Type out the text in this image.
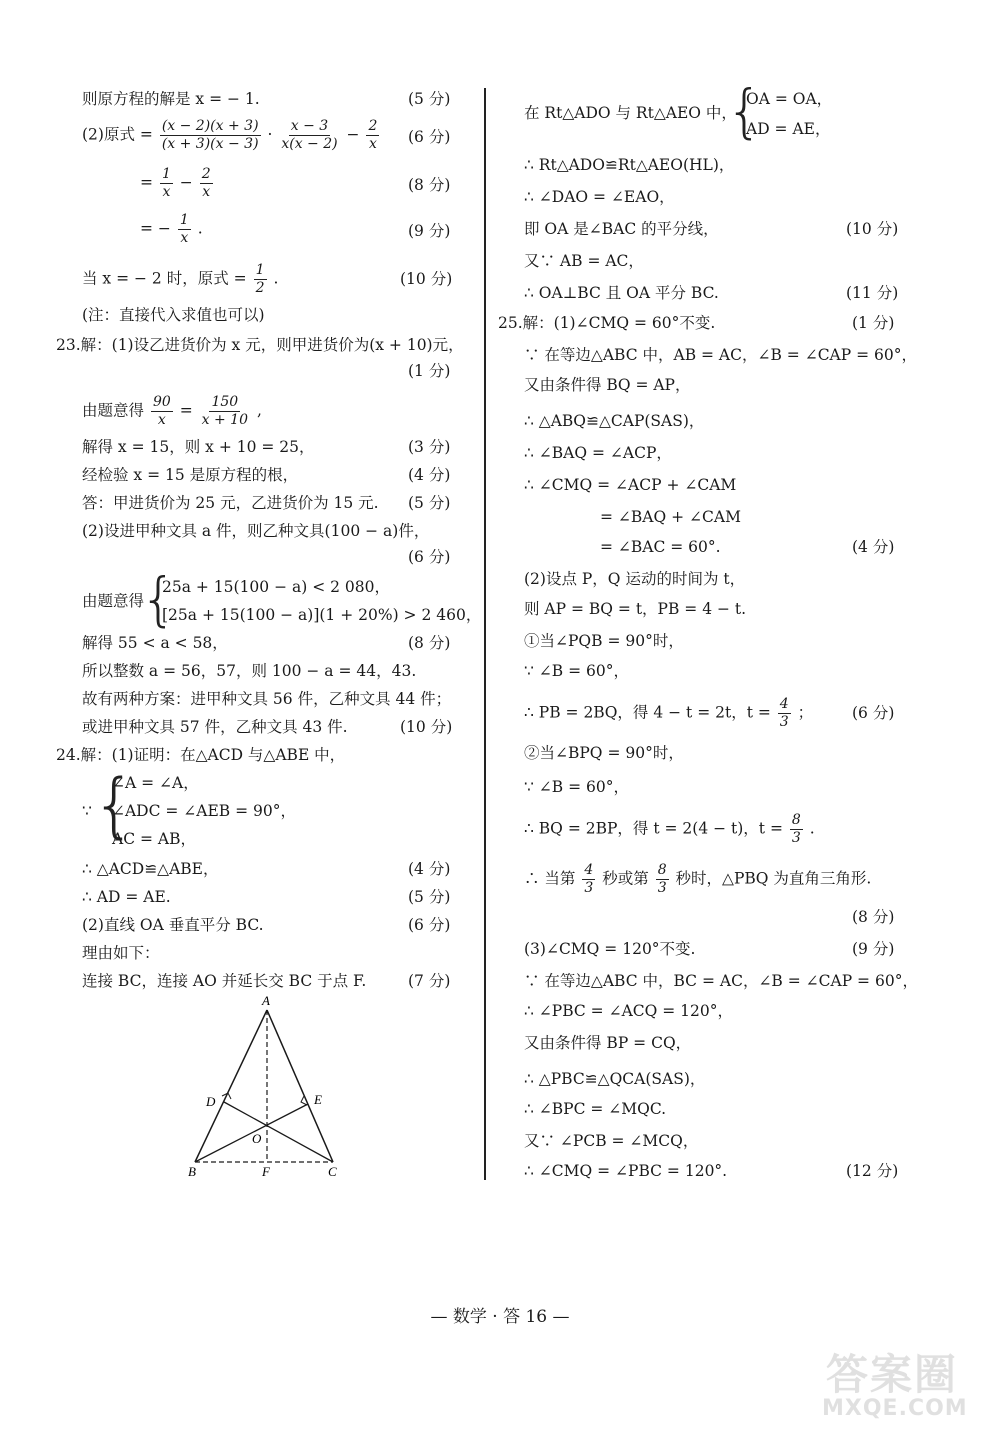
则原方程的解是 x = − 1.	(5 分)
(2)原式 = $\frac{(x - 2)(x + 3)}{(x + 3)(x - 3)} \cdot \frac{x - 3}{x(x - 2)} - \frac{2}{x} (6$ 分)
= $\frac{1}{x} - \frac{2}{x}$	(8 分)
= − $\frac{1}{x}$ .	(9 分)
当 x = − 2 时，原式 = $\frac{1}{2}$ .	(10 分)
(注：直接代入求值也可以)
23.解：(1)设乙进货价为 x 元，则甲进货价为(x + 10)元，
(1 分)
由题意得 $\frac{90}{x} = \frac{150}{x + 10}$ ,
解得 x = 15，则 x + 10 = 25，	(3 分)
经检验 x = 15 是原方程的根，	(4 分)
答：甲进货价为 25 元，乙进货价为 15 元. (5 分)
(2)设进甲种文具 a 件，则乙种文具(100 − a)件，
(6 分)
由题意得
{
25a + 15(100 − a) < 2 080，
[25a + 15(100 − a)](1 + 20%) > 2 460，
解得 55 < a < 58，	(8 分)
所以整数 a = 56，57，则 100 − a = 44，43.
故有两种方案：进甲种文具 56 件，乙种文具 44 件；
或进甲种文具 57 件，乙种文具 43 件.	(10 分)
24.解：(1)证明：在△ACD 与△ABE 中，
∵ {
∠A = ∠A，
∠ADC = ∠AEB = 90°，
AC = AB，
∴ △ACD≌△ABE，	(4 分)
∴ AD = AE.	(5 分)
(2)直线 OA 垂直平分 BC.	(6 分)
理由如下：
连接 BC，连接 AO 并延长交 BC 于点 F.	(7 分)
A
B	C
D	E
F
O
在 Rt△ADO 与 Rt△AEO 中，
{
OA = OA，
AD = AE，
∴ Rt△ADO≌Rt△AEO(HL)，
∴ ∠DAO = ∠EAO，
即 OA 是∠BAC 的平分线，	(10 分)
又∵ AB = AC，
∴ OA⊥BC 且 OA 平分 BC.	(11 分)
25.解：(1)∠CMQ = 60°不变.	(1 分)
∵ 在等边△ABC 中，AB = AC，∠B = ∠CAP = 60°，
又由条件得 BQ = AP，
∴ △ABQ≌△CAP(SAS)，
∴ ∠BAQ = ∠ACP，
∴ ∠CMQ = ∠ACP + ∠CAM
= ∠BAQ + ∠CAM
= ∠BAC = 60°.	(4 分)
(2)设点 P，Q 运动的时间为 t，
则 AP = BQ = t，PB = 4 − t.
①当∠PQB = 90°时，
∵ ∠B = 60°，
∴ PB = 2BQ，得 4 − t = 2t，$t = \frac{4}{3}$ ；	(6 分)
②当∠BPQ = 90°时，
∵ ∠B = 60°，
∴ BQ = 2BP，得 t = 2(4 − t)，$t = \frac{8}{3}$ .
∴ 当第 $\frac{4}{3}$ 秒或第 $\frac{8}{3}$ 秒时，△PBQ 为直角三角形.
(8 分)
(3)∠CMQ = 120°不变.	(9 分)
∵ 在等边△ABC 中，BC = AC，∠B = ∠CAP = 60°，
∴ ∠PBC = ∠ACQ = 120°，
又由条件得 BP = CQ，
∴ △PBC≌△QCA(SAS)，
∴ ∠BPC = ∠MQC.
又∵ ∠PCB = ∠MCQ，
∴ ∠CMQ = ∠PBC = 120°.	(12 分)
— 数学 · 答 16 —
答案圈
MXQE.COM
